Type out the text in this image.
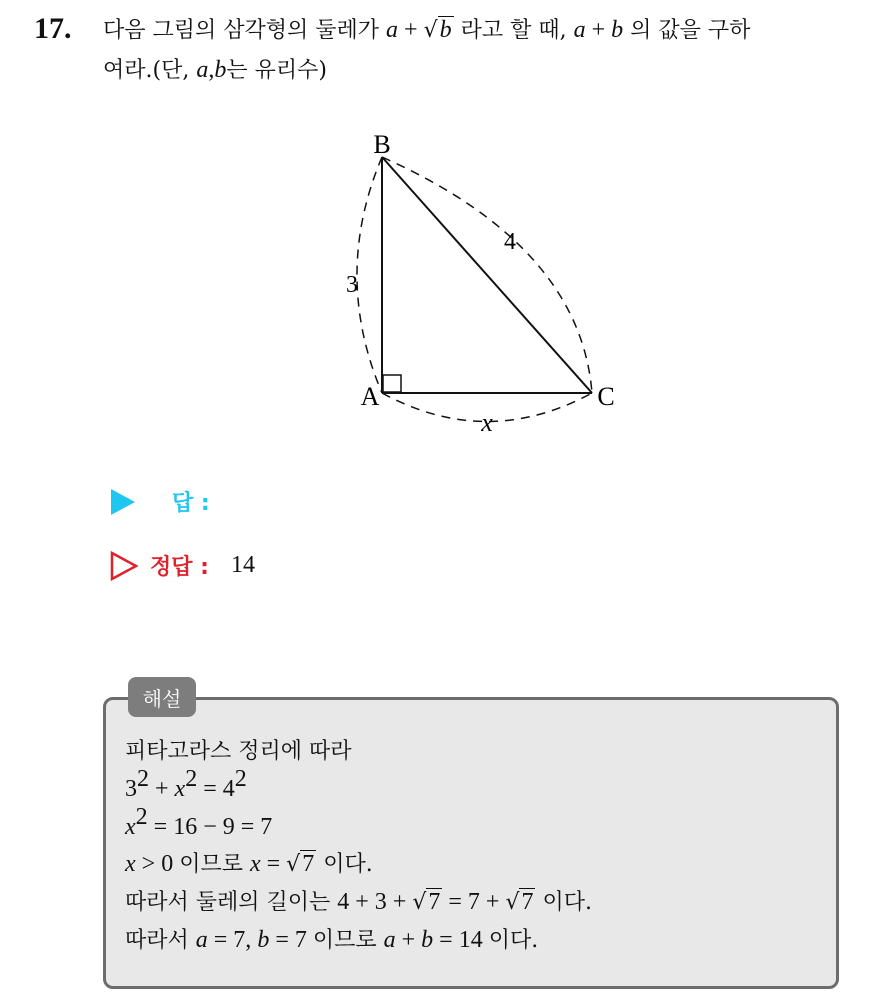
17. 다음 그림의 삼각형의 둘레가 a + √b 라고 할 때, a + b 의 값을 구하
여라.(단, a,b는 유리수)
B
A	C
3
4
x
답 :
정답 : 14
해설
피타고라스 정리에 따라
$3^2 + x^2 = 4^2$
$x^2 = 16 - 9 = 7$
x > 0 이므로 x = √7 이다.
따라서 둘레의 길이는 4 + 3 + √7 = 7 + √7 이다.
따라서 a = 7, b = 7 이므로 a + b = 14 이다.
